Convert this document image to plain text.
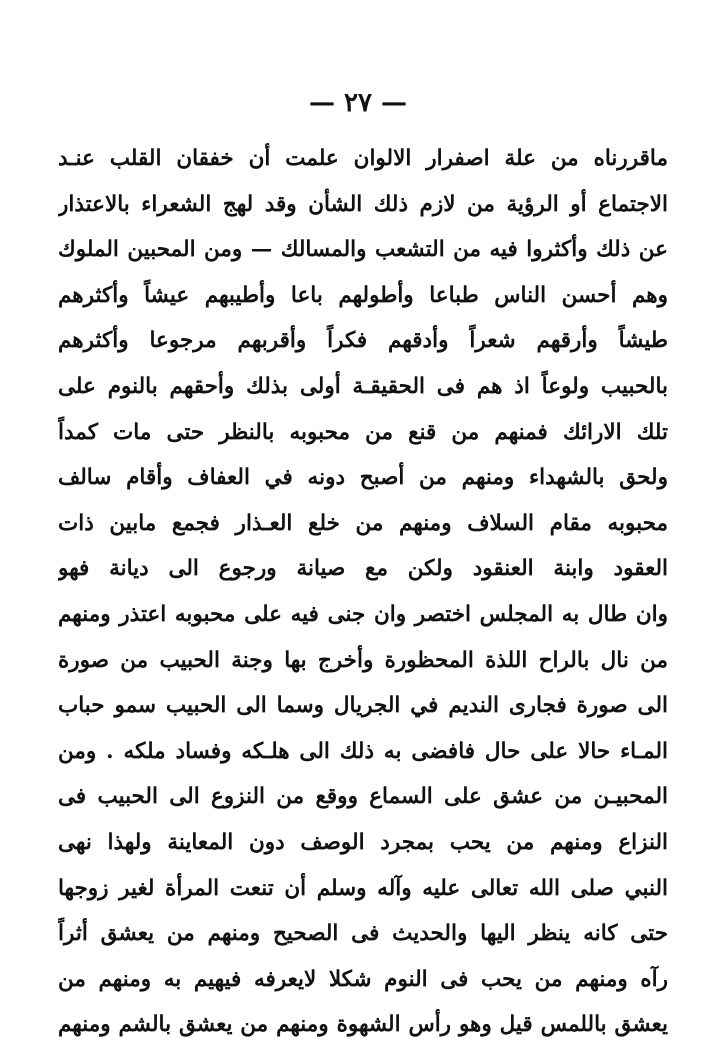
— ٢٧ —
ماقررناه من علة اصفرار الالوان علمت أن خفقان القلب عنـد
الاجتماع أو الرؤية من لازم ذلك الشأن وقد لهج الشعراء بالاعتذار
عن ذلك وأكثروا فيه من التشعب والمسالك — ومن المحبين الملوك
وهم أحسن الناس طباعا وأطولهم باعا وأطيبهم عيشاً وأكثرهم
طيشاً وأرقهم شعراً وأدقهم فكراً وأقربهم مرجوعا وأكثرهم
بالحبيب ولوعاً اذ هم فى الحقيقـة أولى بذلك وأحقهم بالنوم على
تلك الارائك فمنهم من قنع من محبوبه بالنظر حتى مات كمداً
ولحق بالشهداء ومنهم من أصبح دونه في العفاف وأقام سالف
محبوبه مقام السلاف ومنهم من خلع العـذار فجمع مابين ذات
العقود وابنة العنقود ولكن مع صيانة ورجوع الى ديانة فهو
وان طال به المجلس اختصر وان جنى فيه على محبوبه اعتذر ومنهم
من نال بالراح اللذة المحظورة وأخرج بها وجنة الحبيب من صورة
الى صورة فجارى النديم في الجريال وسما الى الحبيب سمو حباب
المـاء حالا على حال فافضى به ذلك الى هلـكه وفساد ملكه . ومن
المحبيـن من عشق على السماع ووقع من النزوع الى الحبيب فى
النزاع ومنهم من يحب بمجرد الوصف دون المعاينة ولهذا نهى
النبي صلى الله تعالى عليه وآله وسلم أن تنعت المرأة لغير زوجها
حتى كانه ينظر اليها والحديث فى الصحيح ومنهم من يعشق أثراً
رآه ومنهم من يحب فى النوم شكلا لايعرفه فيهيم به ومنهم من
يعشق باللمس قيل وهو رأس الشهوة ومنهم من يعشق بالشم ومنهم
